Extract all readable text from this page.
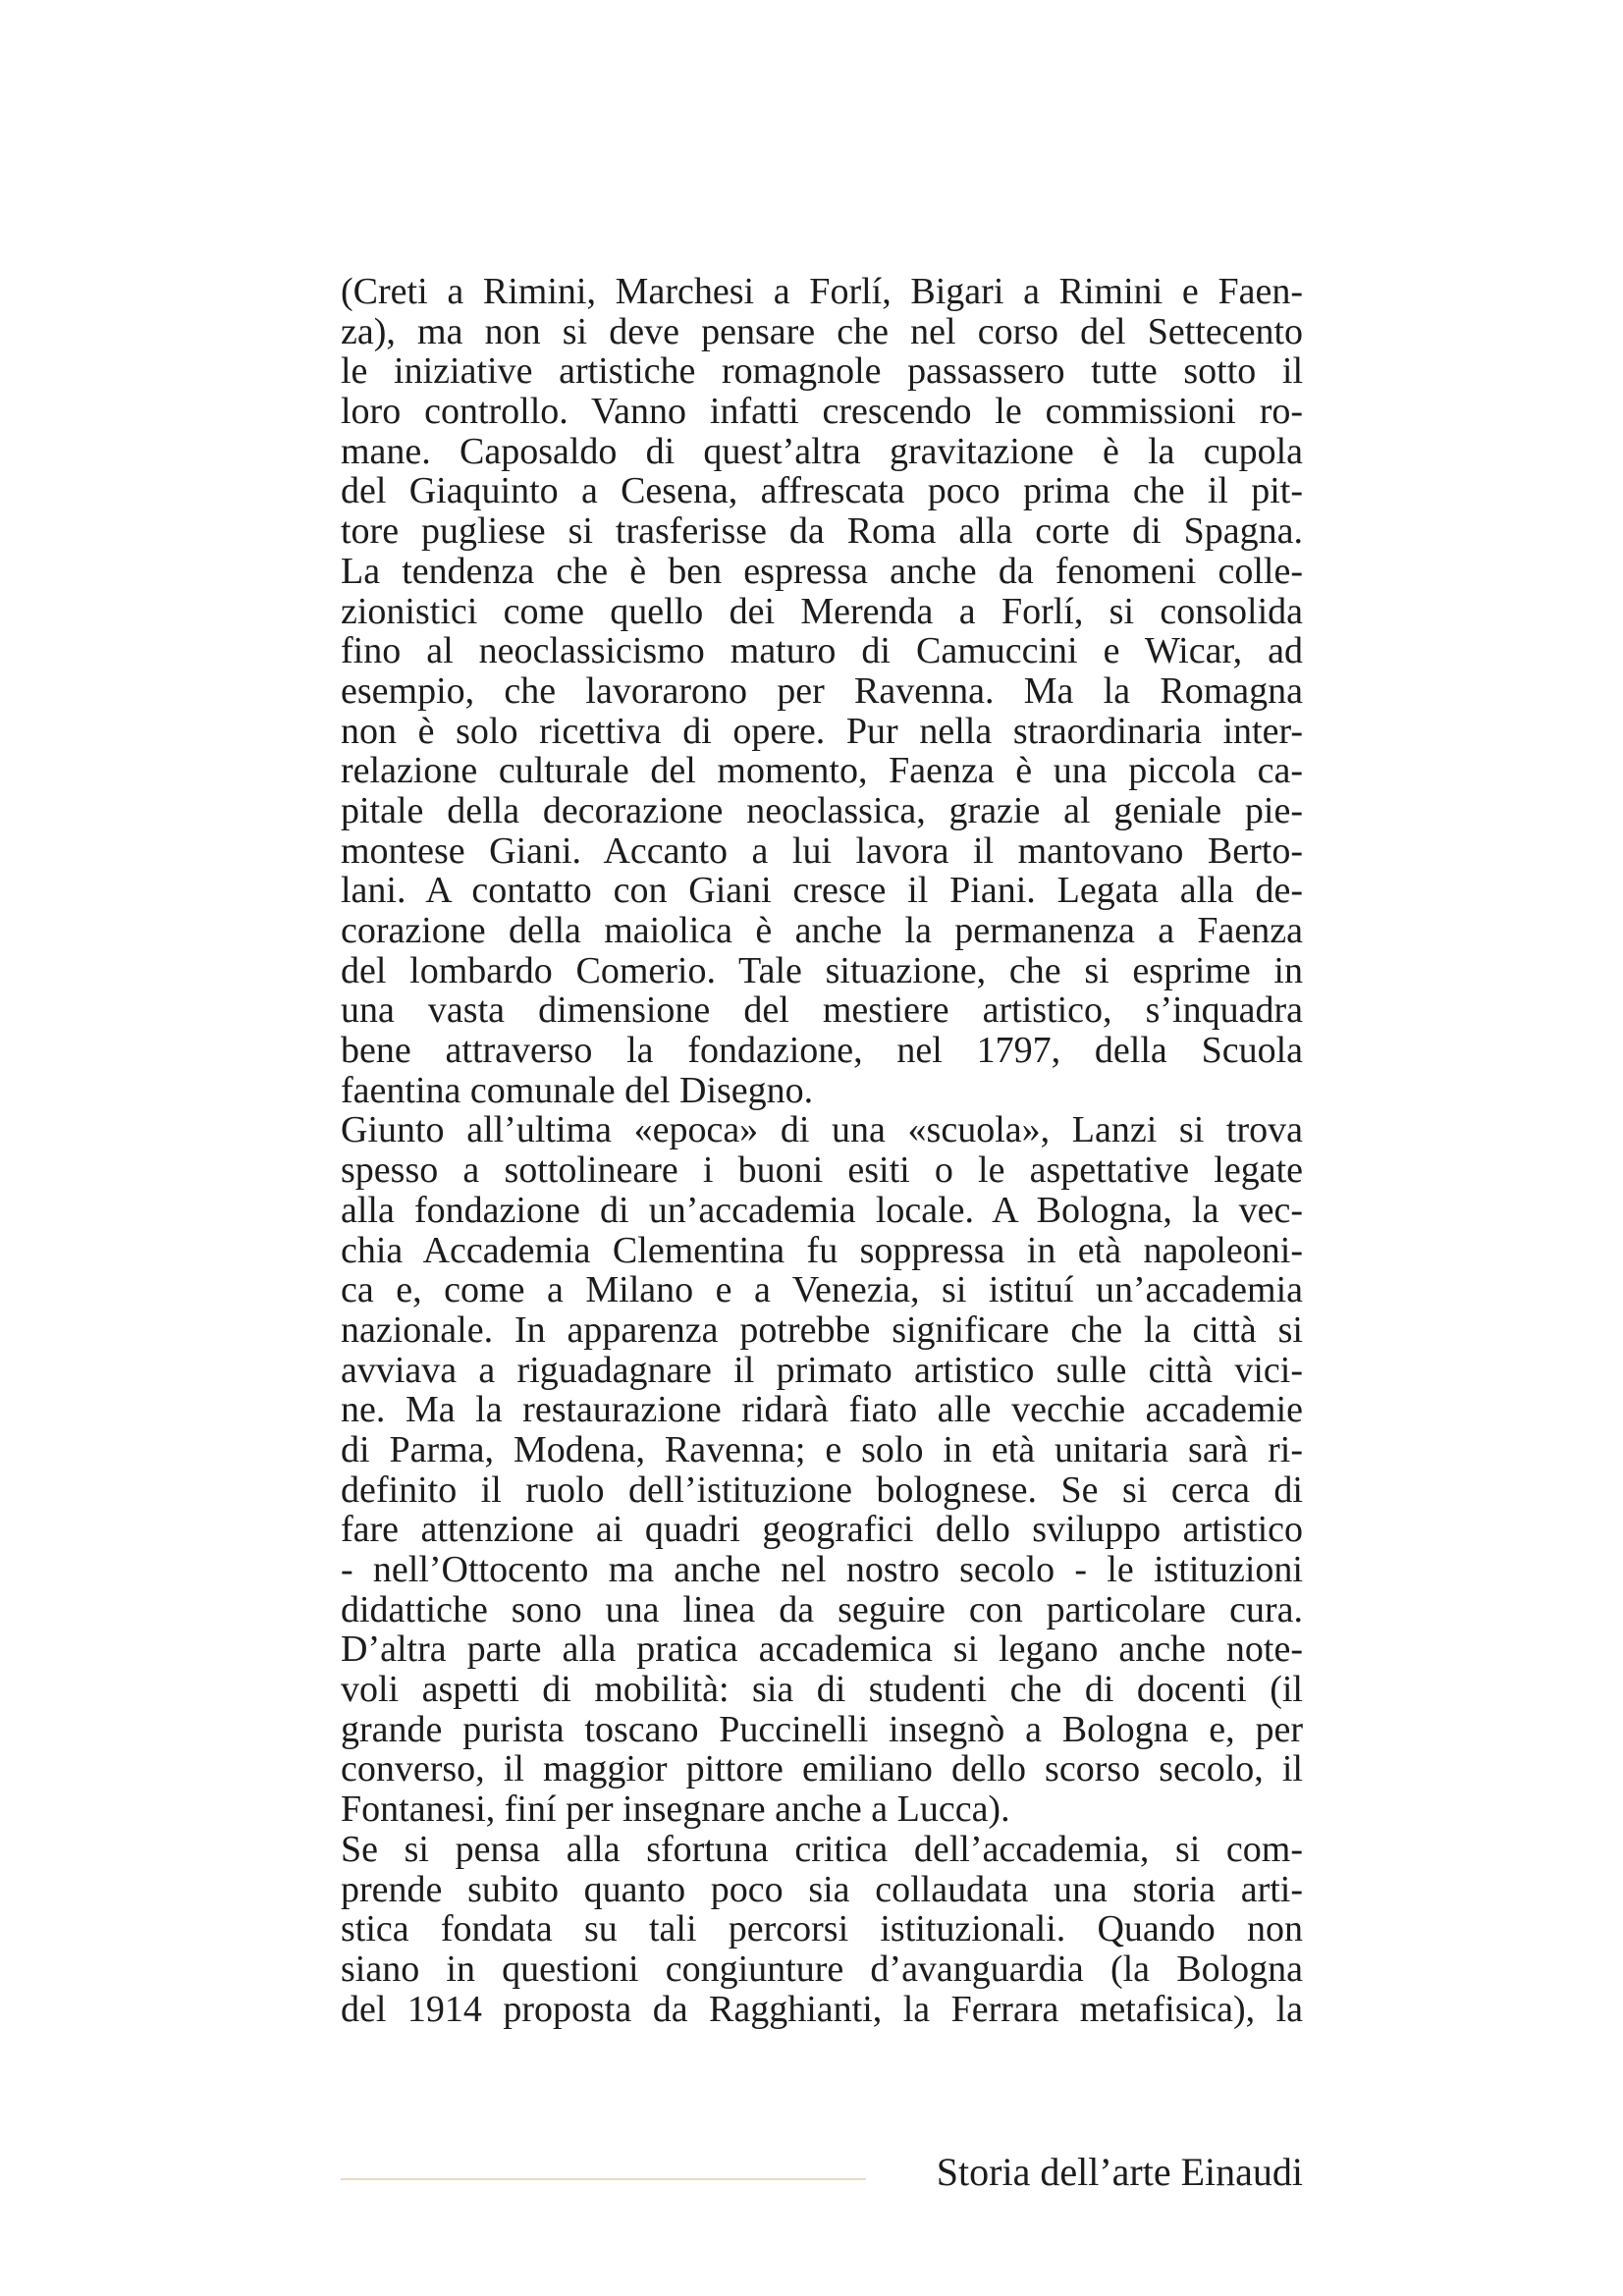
(Creti a Rimini, Marchesi a Forlí, Bigari a Rimini e Faen-
za), ma non si deve pensare che nel corso del Settecento
le iniziative artistiche romagnole passassero tutte sotto il
loro controllo. Vanno infatti crescendo le commissioni ro-
mane. Caposaldo di quest’altra gravitazione è la cupola
del Giaquinto a Cesena, affrescata poco prima che il pit-
tore pugliese si trasferisse da Roma alla corte di Spagna.
La tendenza che è ben espressa anche da fenomeni colle-
zionistici come quello dei Merenda a Forlí, si consolida
fino al neoclassicismo maturo di Camuccini e Wicar, ad
esempio, che lavorarono per Ravenna. Ma la Romagna
non è solo ricettiva di opere. Pur nella straordinaria inter-
relazione culturale del momento, Faenza è una piccola ca-
pitale della decorazione neoclassica, grazie al geniale pie-
montese Giani. Accanto a lui lavora il mantovano Berto-
lani. A contatto con Giani cresce il Piani. Legata alla de-
corazione della maiolica è anche la permanenza a Faenza
del lombardo Comerio. Tale situazione, che si esprime in
una vasta dimensione del mestiere artistico, s’inquadra
bene attraverso la fondazione, nel 1797, della Scuola
faentina comunale del Disegno.
Giunto all’ultima «epoca» di una «scuola», Lanzi si trova
spesso a sottolineare i buoni esiti o le aspettative legate
alla fondazione di un’accademia locale. A Bologna, la vec-
chia Accademia Clementina fu soppressa in età napoleoni-
ca e, come a Milano e a Venezia, si istituí un’accademia
nazionale. In apparenza potrebbe significare che la città si
avviava a riguadagnare il primato artistico sulle città vici-
ne. Ma la restaurazione ridarà fiato alle vecchie accademie
di Parma, Modena, Ravenna; e solo in età unitaria sarà ri-
definito il ruolo dell’istituzione bolognese. Se si cerca di
fare attenzione ai quadri geografici dello sviluppo artistico
- nell’Ottocento ma anche nel nostro secolo - le istituzioni
didattiche sono una linea da seguire con particolare cura.
D’altra parte alla pratica accademica si legano anche note-
voli aspetti di mobilità: sia di studenti che di docenti (il
grande purista toscano Puccinelli insegnò a Bologna e, per
converso, il maggior pittore emiliano dello scorso secolo, il
Fontanesi, finí per insegnare anche a Lucca).
Se si pensa alla sfortuna critica dell’accademia, si com-
prende subito quanto poco sia collaudata una storia arti-
stica fondata su tali percorsi istituzionali. Quando non
siano in questioni congiunture d’avanguardia (la Bologna
del 1914 proposta da Ragghianti, la Ferrara metafisica), la
Storia dell’arte Einaudi
